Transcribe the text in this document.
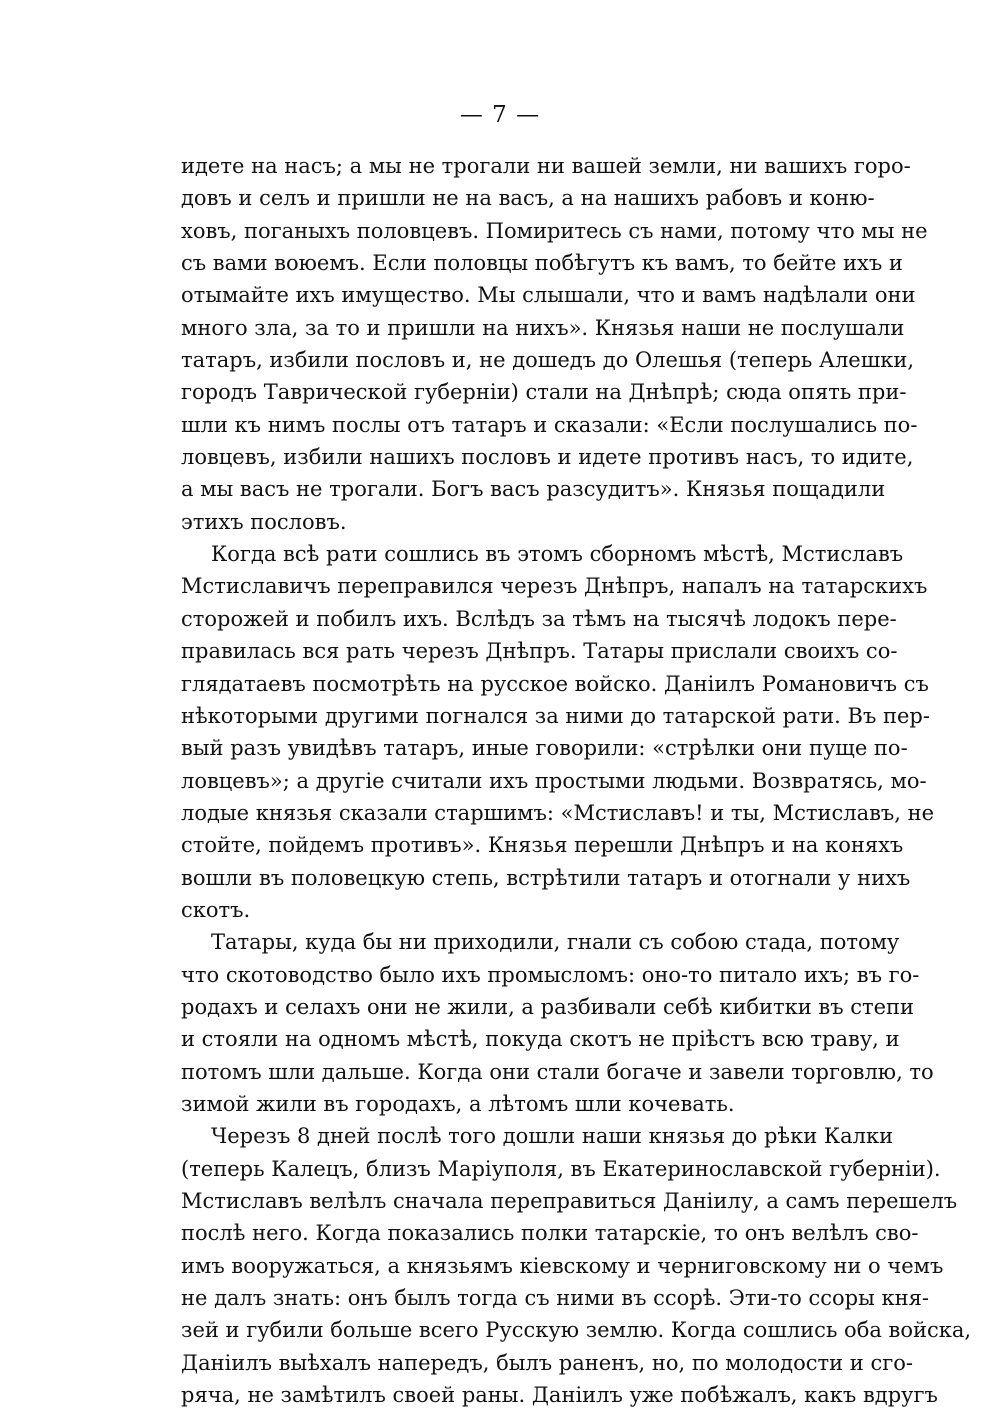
— 7 —
идете на насъ; а мы не трогали ни вашей земли, ни вашихъ горо-
довъ и селъ и пришли не на васъ, а на нашихъ рабовъ и коню-
ховъ, поганыхъ половцевъ. Помиритесь съ нами, потому что мы не
съ вами воюемъ. Если половцы побѣгутъ къ вамъ, то бейте ихъ и
отымайте ихъ имущество. Мы слышали, что и вамъ надѣлали они
много зла, за то и пришли на нихъ». Князья наши не послушали
татаръ, избили пословъ и, не дошедъ до Олешья (теперь Алешки,
городъ Таврической губерніи) стали на Днѣпрѣ; сюда опять при-
шли къ нимъ послы отъ татаръ и сказали: «Если послушались по-
ловцевъ, избили нашихъ пословъ и идете противъ насъ, то идите,
а мы васъ не трогали. Богъ васъ разсудитъ». Князья пощадили
этихъ пословъ.
Когда всѣ рати сошлись въ этомъ сборномъ мѣстѣ, Мстиславъ
Мстиславичъ переправился черезъ Днѣпръ, напалъ на татарскихъ
сторожей и побилъ ихъ. Вслѣдъ за тѣмъ на тысячѣ лодокъ пере-
правилась вся рать черезъ Днѣпръ. Татары прислали своихъ со-
глядатаевъ посмотрѣть на русское войско. Даніилъ Романовичъ съ
нѣкоторыми другими погнался за ними до татарской рати. Въ пер-
вый разъ увидѣвъ татаръ, иные говорили: «стрѣлки они пуще по-
ловцевъ»; а другіе считали ихъ простыми людьми. Возвратясь, мо-
лодые князья сказали старшимъ: «Мстиславъ! и ты, Мстиславъ, не
стойте, пойдемъ противъ». Князья перешли Днѣпръ и на коняхъ
вошли въ половецкую степь, встрѣтили татаръ и отогнали у нихъ
скотъ.
Татары, куда бы ни приходили, гнали съ собою стада, потому
что скотоводство было ихъ промысломъ: оно-то питало ихъ; въ го-
родахъ и селахъ они не жили, а разбивали себѣ кибитки въ степи
и стояли на одномъ мѣстѣ, покуда скотъ не пріѣстъ всю траву, и
потомъ шли дальше. Когда они стали богаче и завели торговлю, то
зимой жили въ городахъ, а лѣтомъ шли кочевать.
Черезъ 8 дней послѣ того дошли наши князья до рѣки Калки
(теперь Калецъ, близъ Маріуполя, въ Екатеринославской губерніи).
Мстиславъ велѣлъ сначала переправиться Даніилу, а самъ перешелъ
послѣ него. Когда показались полки татарскіе, то онъ велѣлъ сво-
имъ вооружаться, а князьямъ кіевскому и черниговскому ни о чемъ
не далъ знать: онъ былъ тогда съ ними въ ссорѣ. Эти-то ссоры кня-
зей и губили больше всего Русскую землю. Когда сошлись оба войска,
Даніилъ выѣхалъ напередъ, былъ раненъ, но, по молодости и сго-
ряча, не замѣтилъ своей раны. Даніилъ уже побѣжалъ, какъ вдругъ
